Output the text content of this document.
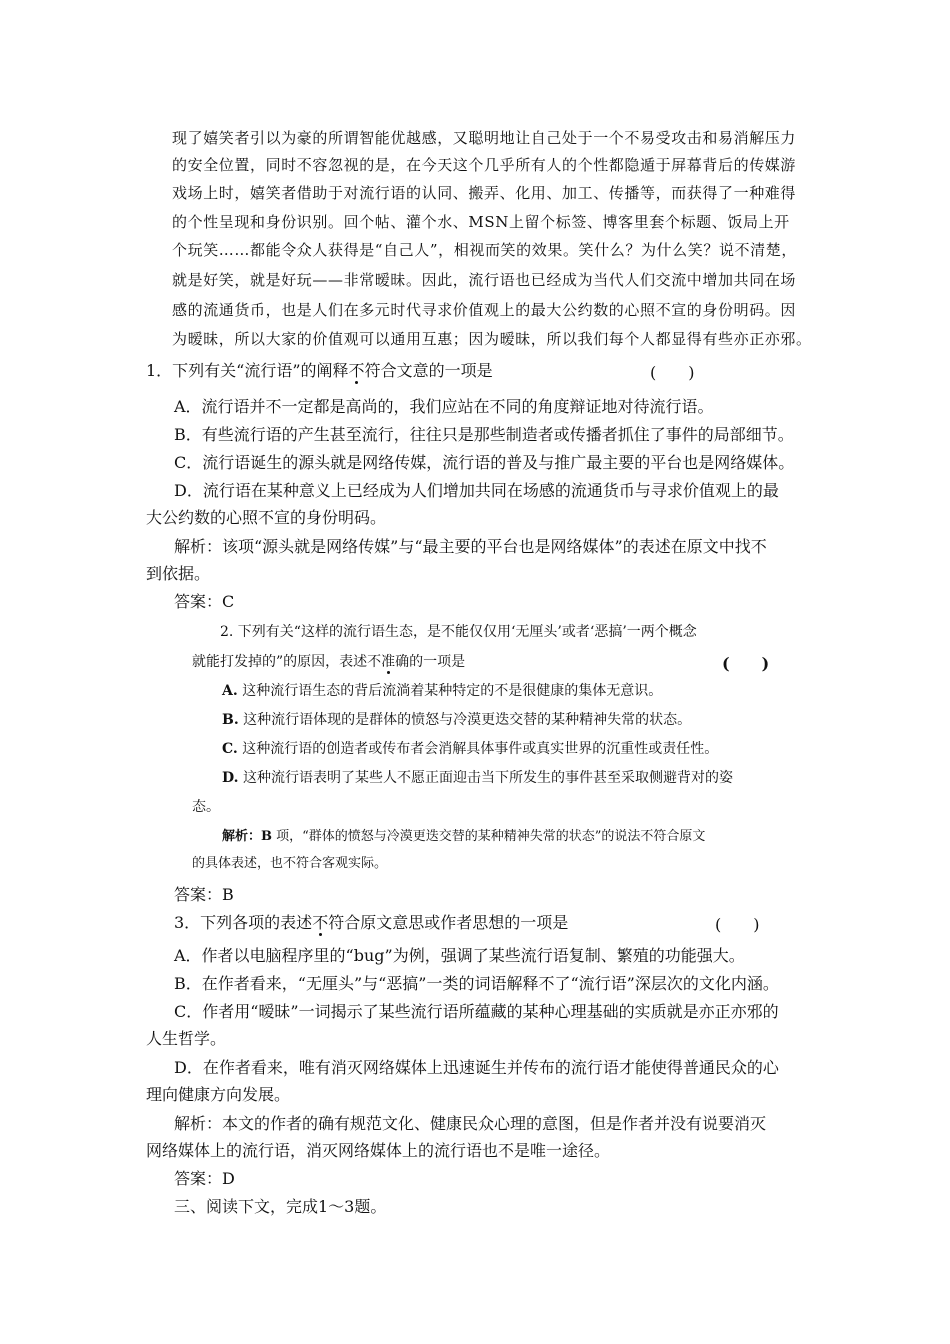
现了嬉笑者引以为豪的所谓智能优越感，又聪明地让自己处于一个不易受攻击和易消解压力
的安全位置，同时不容忽视的是，在今天这个几乎所有人的个性都隐遁于屏幕背后的传媒游
戏场上时，嬉笑者借助于对流行语的认同、搬弄、化用、加工、传播等，而获得了一种难得
的个性呈现和身份识别。回个帖、灌个水、MSN上留个标签、博客里套个标题、饭局上开
个玩笑……都能令众人获得是“自己人”，相视而笑的效果。笑什么？为什么笑？说不清楚，
就是好笑，就是好玩——非常暧昧。因此，流行语也已经成为当代人们交流中增加共同在场
感的流通货币，也是人们在多元时代寻求价值观上的最大公约数的心照不宣的身份明码。因
为暧昧，所以大家的价值观可以通用互惠；因为暧昧，所以我们每个人都显得有些亦正亦邪。
1．下列有关“流行语”的阐释不符合文意的一项是	(　　)
A．流行语并不一定都是高尚的，我们应站在不同的角度辩证地对待流行语。
B．有些流行语的产生甚至流行，往往只是那些制造者或传播者抓住了事件的局部细节。
C．流行语诞生的源头就是网络传媒，流行语的普及与推广最主要的平台也是网络媒体。
D．流行语在某种意义上已经成为人们增加共同在场感的流通货币与寻求价值观上的最
大公约数的心照不宣的身份明码。
解析：该项“源头就是网络传媒”与“最主要的平台也是网络媒体”的表述在原文中找不
到依据。
答案：C
2. 下列有关“这样的流行语生态，是不能仅仅用‘无厘头’或者‘恶搞’一两个概念
就能打发掉的”的原因，表述不准确的一项是	(　　)
A. 这种流行语生态的背后流淌着某种特定的不是很健康的集体无意识。
B. 这种流行语体现的是群体的愤怒与冷漠更迭交替的某种精神失常的状态。
C. 这种流行语的创造者或传布者会消解具体事件或真实世界的沉重性或责任性。
D. 这种流行语表明了某些人不愿正面迎击当下所发生的事件甚至采取侧避背对的姿
态。
解析：B 项，“群体的愤怒与冷漠更迭交替的某种精神失常的状态”的说法不符合原文
的具体表述，也不符合客观实际。
答案：B
3．下列各项的表述不符合原文意思或作者思想的一项是	(　　)
A．作者以电脑程序里的“bug”为例，强调了某些流行语复制、繁殖的功能强大。
B．在作者看来，“无厘头”与“恶搞”一类的词语解释不了“流行语”深层次的文化内涵。
C．作者用“暧昧”一词揭示了某些流行语所蕴藏的某种心理基础的实质就是亦正亦邪的
人生哲学。
D．在作者看来，唯有消灭网络媒体上迅速诞生并传布的流行语才能使得普通民众的心
理向健康方向发展。
解析：本文的作者的确有规范文化、健康民众心理的意图，但是作者并没有说要消灭
网络媒体上的流行语，消灭网络媒体上的流行语也不是唯一途径。
答案：D
三、阅读下文，完成1～3题。
